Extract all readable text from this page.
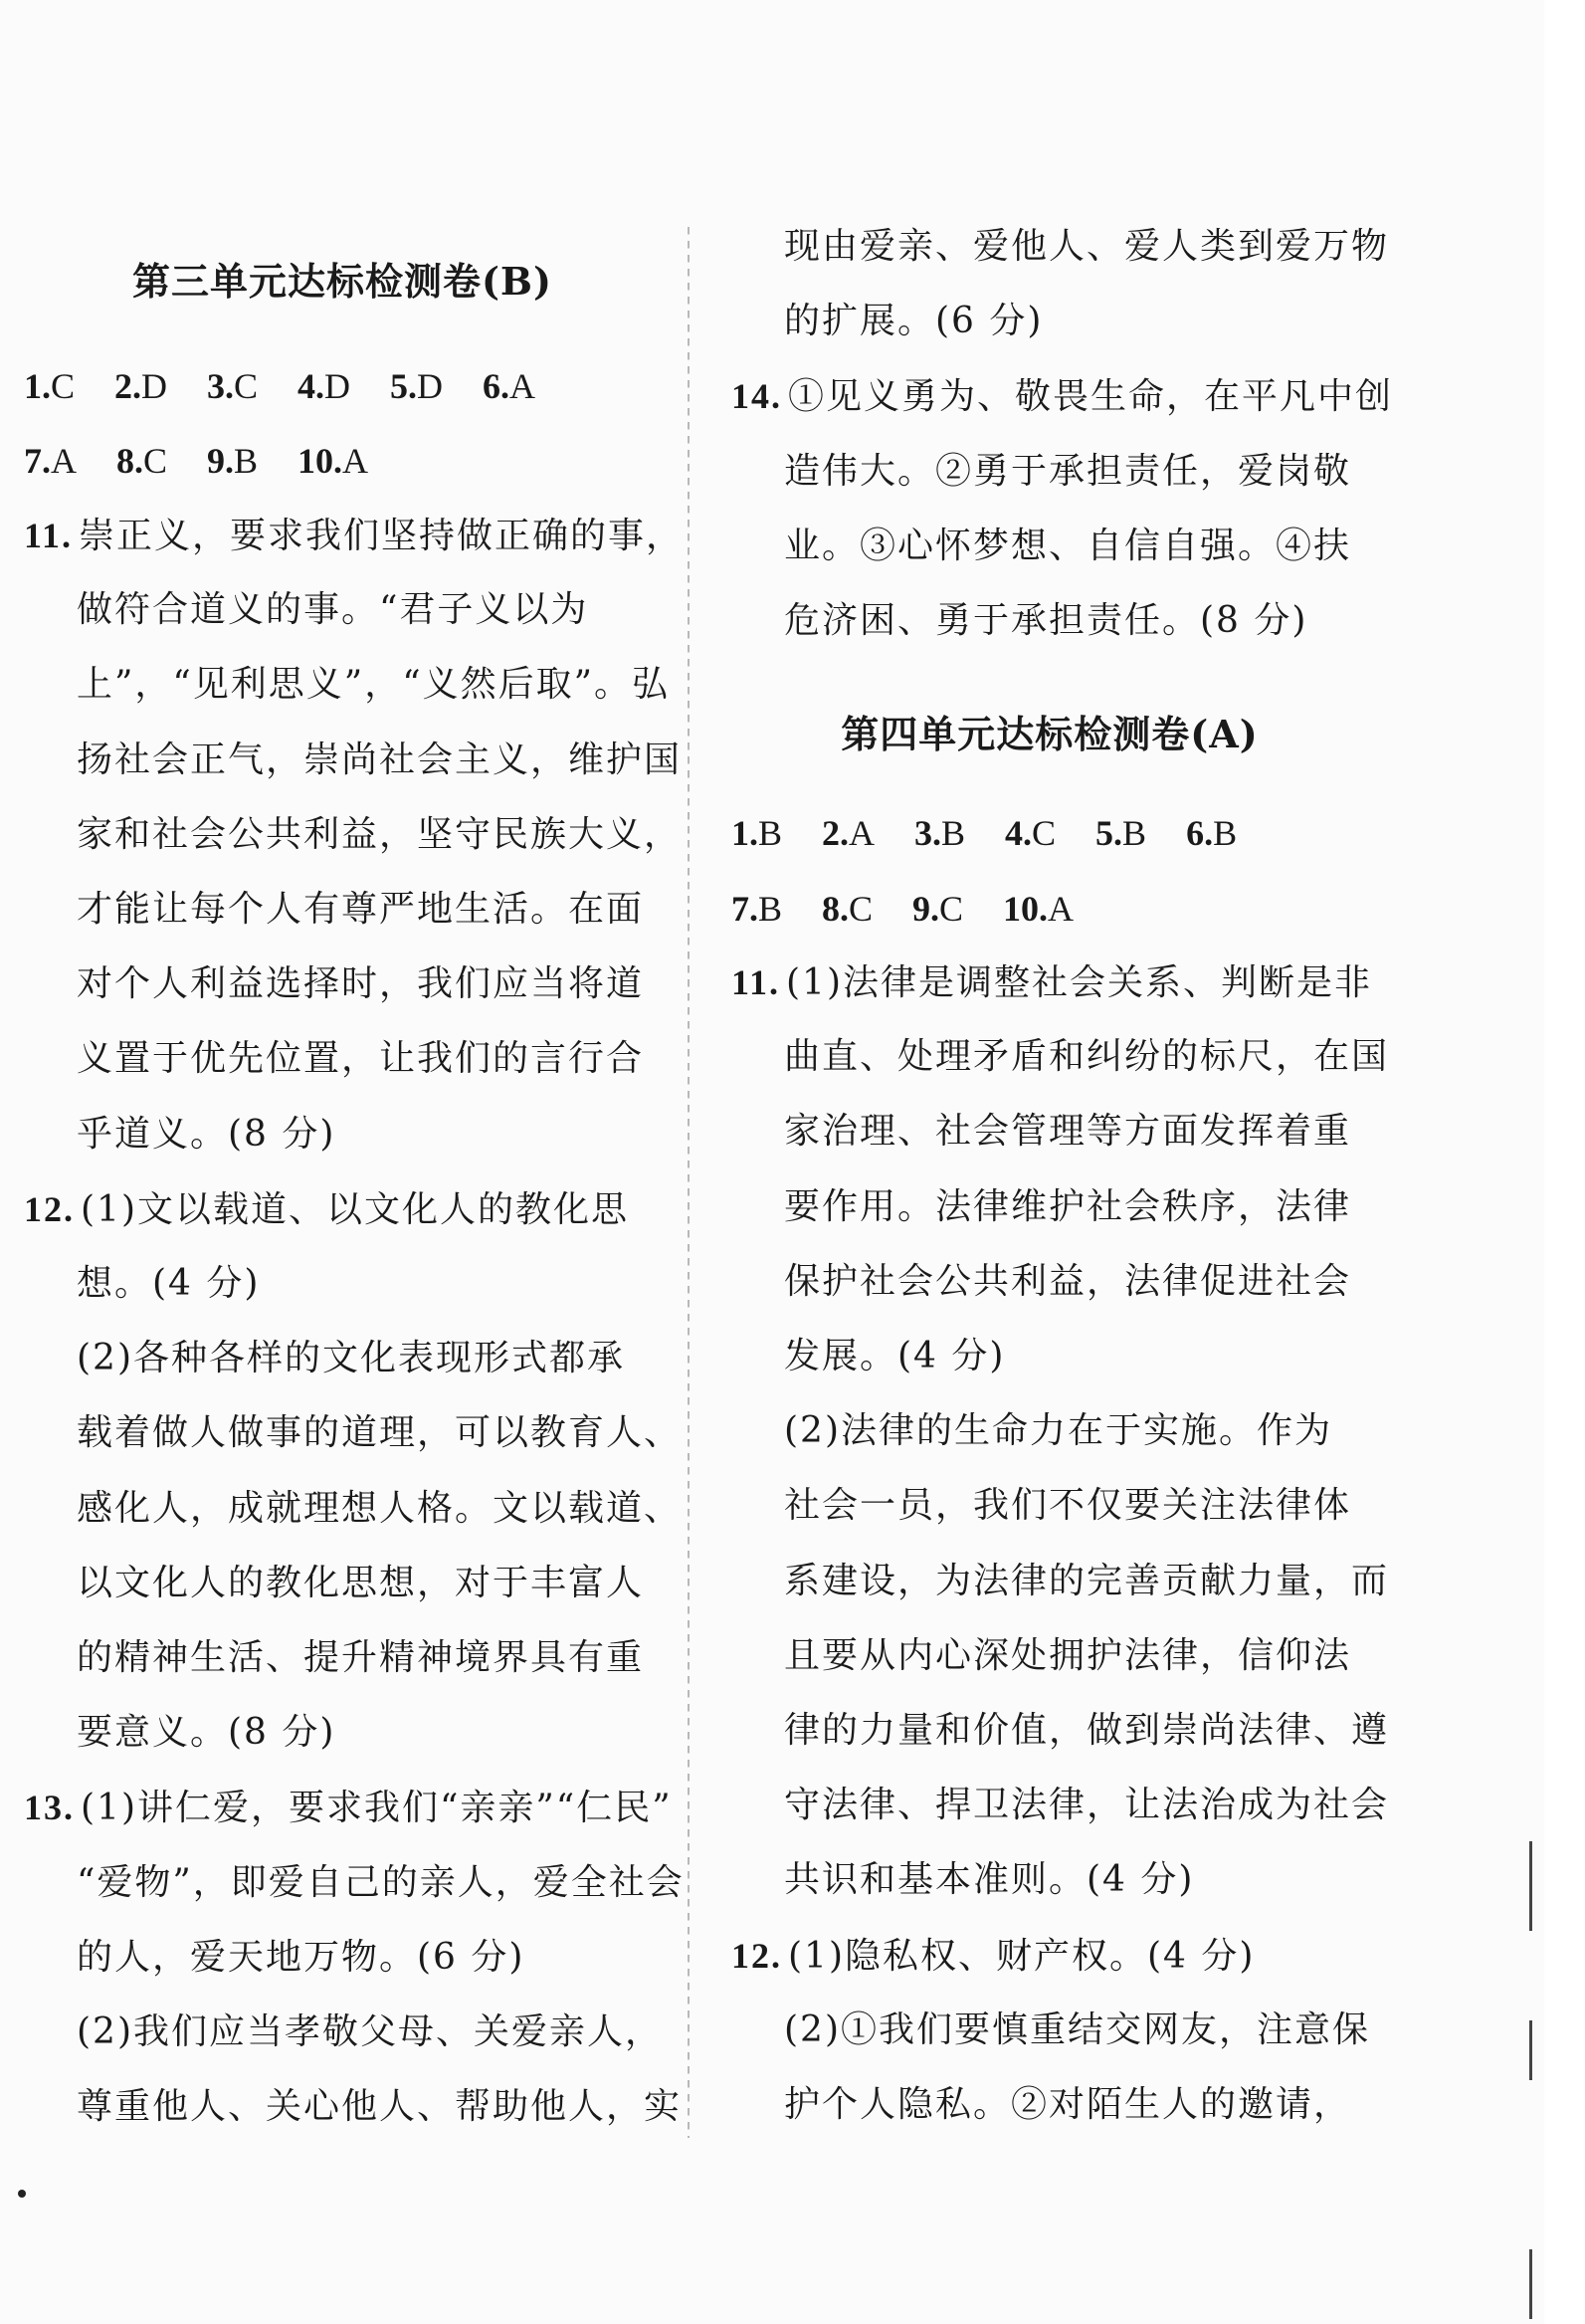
第三单元达标检测卷(B)
1.C 2.D 3.C 4.D 5.D 6.A
7.A 8.C 9.B 10.A
11. 崇正义，要求我们坚持做正确的事，
做符合道义的事。“君子义以为
上”，“见利思义”，“义然后取”。弘
扬社会正气，崇尚社会主义，维护国
家和社会公共利益，坚守民族大义，
才能让每个人有尊严地生活。在面
对个人利益选择时，我们应当将道
义置于优先位置，让我们的言行合
乎道义。(8 分)
12. (1)文以载道、以文化人的教化思
想。(4 分)
(2)各种各样的文化表现形式都承
载着做人做事的道理，可以教育人、
感化人，成就理想人格。文以载道、
以文化人的教化思想，对于丰富人
的精神生活、提升精神境界具有重
要意义。(8 分)
13. (1)讲仁爱，要求我们“亲亲”“仁民”
“爱物”，即爱自己的亲人，爱全社会
的人，爱天地万物。(6 分)
(2)我们应当孝敬父母、关爱亲人，
尊重他人、关心他人、帮助他人，实
现由爱亲、爱他人、爱人类到爱万物
的扩展。(6 分)
14. ①见义勇为、敬畏生命，在平凡中创
造伟大。②勇于承担责任，爱岗敬
业。③心怀梦想、自信自强。④扶
危济困、勇于承担责任。(8 分)
第四单元达标检测卷(A)
1.B 2.A 3.B 4.C 5.B 6.B
7.B 8.C 9.C 10.A
11. (1)法律是调整社会关系、判断是非
曲直、处理矛盾和纠纷的标尺，在国
家治理、社会管理等方面发挥着重
要作用。法律维护社会秩序，法律
保护社会公共利益，法律促进社会
发展。(4 分)
(2)法律的生命力在于实施。作为
社会一员，我们不仅要关注法律体
系建设，为法律的完善贡献力量，而
且要从内心深处拥护法律，信仰法
律的力量和价值，做到崇尚法律、遵
守法律、捍卫法律，让法治成为社会
共识和基本准则。(4 分)
12. (1)隐私权、财产权。(4 分)
(2)①我们要慎重结交网友，注意保
护个人隐私。②对陌生人的邀请，
